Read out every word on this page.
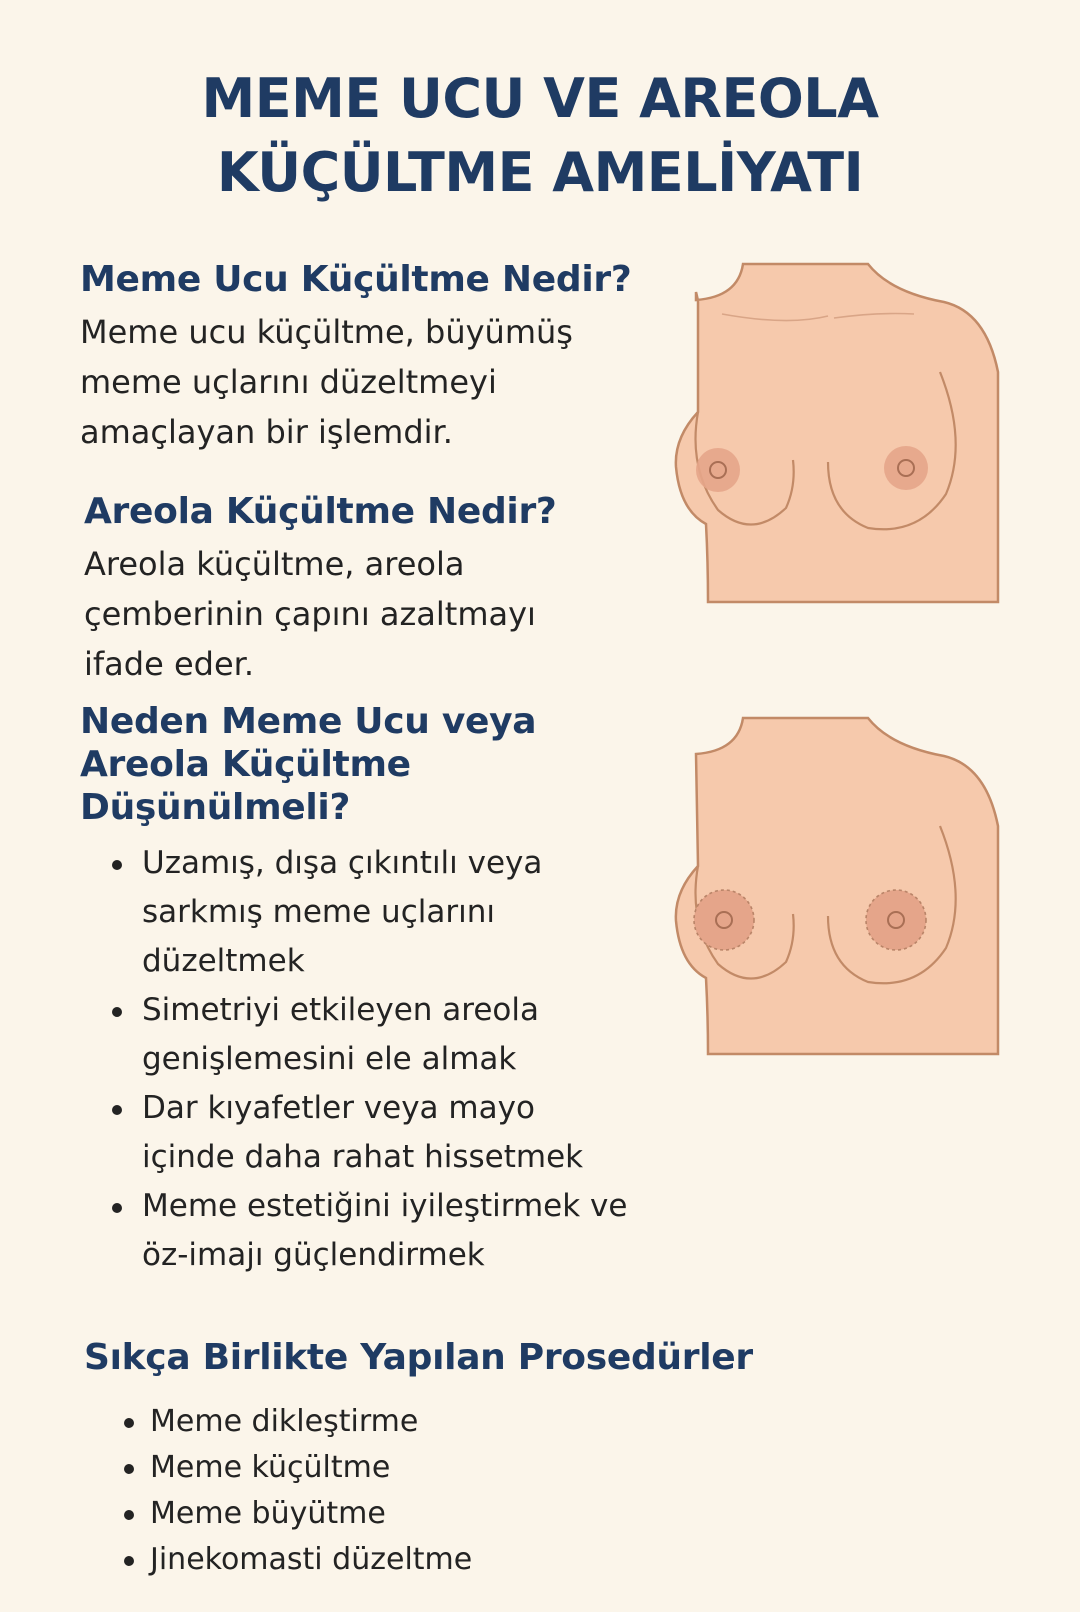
MEME UCU VE AREOLA
KÜÇÜLTME AMELİYATI
Meme Ucu Küçültme Nedir?

Meme ucu küçültme, büyümüş meme uçlarını düzeltmeyi amaçlayan bir işlemdir.

Areola Küçültme Nedir?

Areola küçültme, areola çemberinin çapını azaltmayı ifade eder.

Neden Meme Ucu veya Areola Küçültme Düşünülmeli?
Uzamış, dışa çıkıntılı veya sarkmış meme uçlarını düzeltmek
Simetriyi etkileyen areola genişlemesini ele almak
Dar kıyafetler veya mayo içinde daha rahat hissetmek
Meme estetiğini iyileştirmek ve öz-imajı güçlendirmek
Sıkça Birlikte Yapılan Prosedürler
Meme dikleştirme
Meme küçültme
Meme büyütme
Jinekomasti düzeltme
